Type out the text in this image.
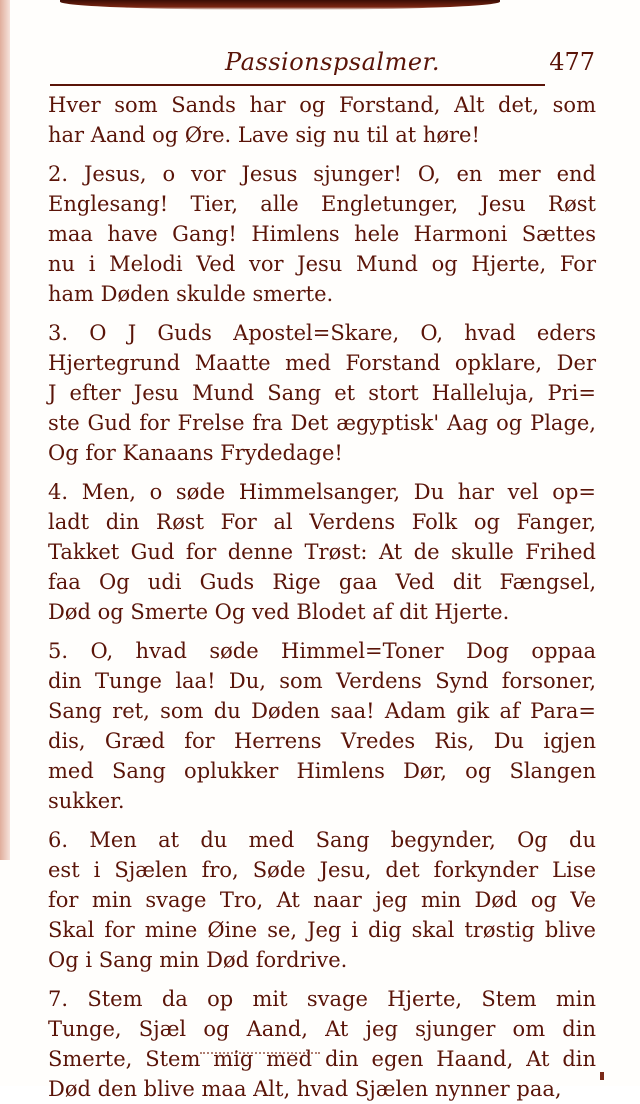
Passionspsalmer.	477
Hver som Sands har og Forstand, Alt det, som
har Aand og Øre. Lave sig nu til at høre!
2. Jesus, o vor Jesus sjunger! O, en mer end
Englesang! Tier, alle Engletunger, Jesu Røst
maa have Gang! Himlens hele Harmoni Sættes
nu i Melodi Ved vor Jesu Mund og Hjerte, For
ham Døden skulde smerte.
3. O J Guds Apostel=Skare, O, hvad eders
Hjertegrund Maatte med Forstand opklare, Der
J efter Jesu Mund Sang et stort Halleluja, Pri=
ste Gud for Frelse fra Det ægyptisk' Aag og Plage,
Og for Kanaans Frydedage!
4. Men, o søde Himmelsanger, Du har vel op=
ladt din Røst For al Verdens Folk og Fanger,
Takket Gud for denne Trøst: At de skulle Frihed
faa Og udi Guds Rige gaa Ved dit Fængsel,
Død og Smerte Og ved Blodet af dit Hjerte.
5. O, hvad søde Himmel=Toner Dog oppaa
din Tunge laa! Du, som Verdens Synd forsoner,
Sang ret, som du Døden saa! Adam gik af Para=
dis, Græd for Herrens Vredes Ris, Du igjen
med Sang oplukker Himlens Dør, og Slangen
sukker.
6. Men at du med Sang begynder, Og du
est i Sjælen fro, Søde Jesu, det forkynder Lise
for min svage Tro, At naar jeg min Død og Ve
Skal for mine Øine se, Jeg i dig skal trøstig blive
Og i Sang min Død fordrive.
7. Stem da op mit svage Hjerte, Stem min
Tunge, Sjæl og Aand, At jeg sjunger om din
Smerte, Stem mig med din egen Haand, At din
Død den blive maa Alt, hvad Sjælen nynner paa,
